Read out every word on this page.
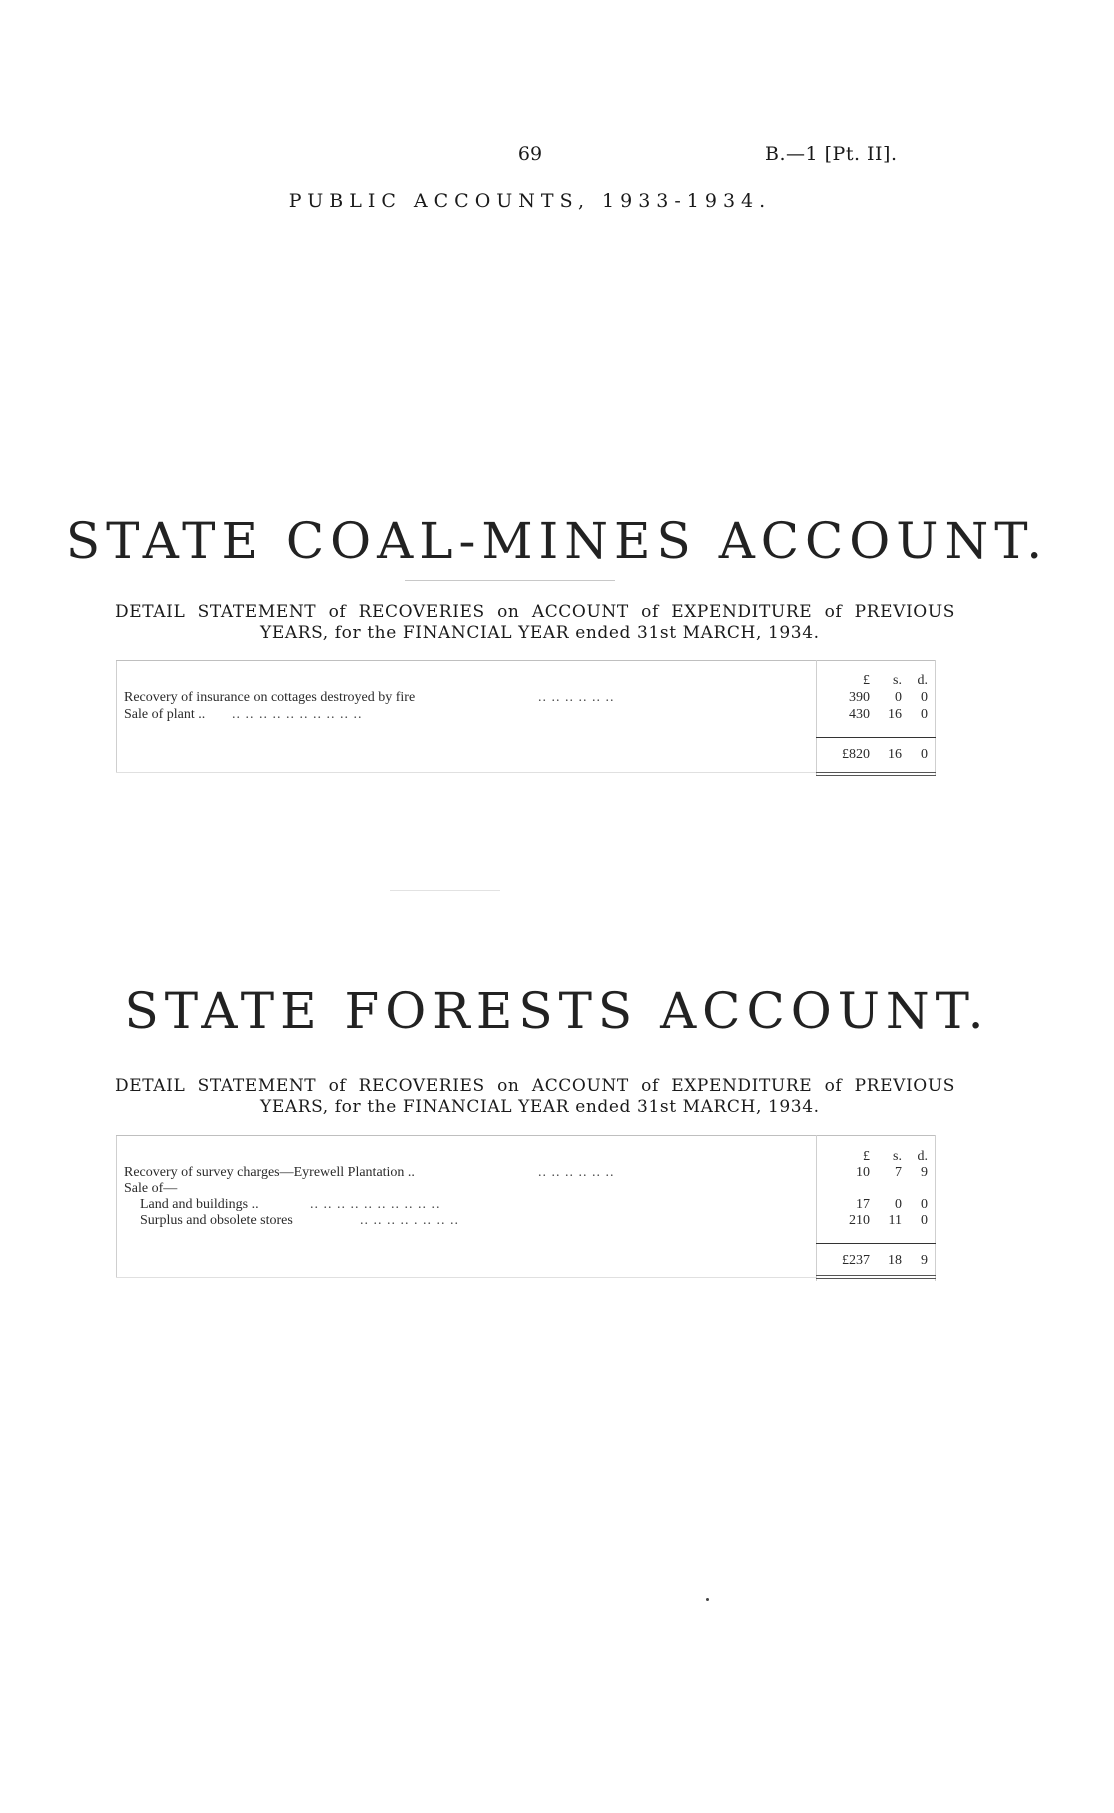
69	B.—1 [Pt. II].
PUBLIC ACCOUNTS, 1933-1934.
STATE COAL-MINES ACCOUNT.
DETAIL STATEMENT of RECOVERIES on ACCOUNT of EXPENDITURE of PREVIOUS
YEARS, for the FINANCIAL YEAR ended 31st MARCH, 1934.
£	s.	d.
Recovery of insurance on cottages destroyed by fire	.. .. .. .. .. ..	390	0	0
Sale of plant .. .. .. .. .. .. .. .. .. .. ..	430	16	0
£820	16	0
STATE FORESTS ACCOUNT.
DETAIL STATEMENT of RECOVERIES on ACCOUNT of EXPENDITURE of PREVIOUS
YEARS, for the FINANCIAL YEAR ended 31st MARCH, 1934.
£	s.	d.
Recovery of survey charges—Eyrewell Plantation ..	.. .. .. .. .. ..	10	7	9
Sale of—
Land and buildings ..	.. .. .. .. .. .. .. .. .. ..	17	0	0
Surplus and obsolete stores	.. .. .. .. . .. .. ..	210	11	0
£237	18	9
